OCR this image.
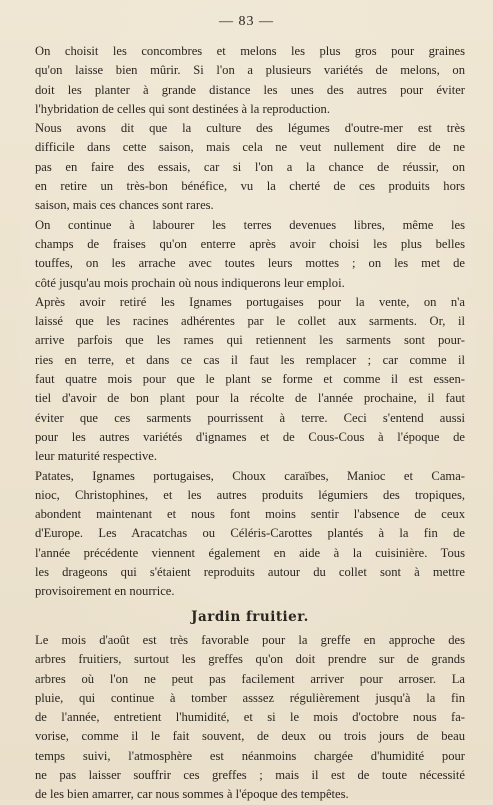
— 83 —
On choisit les concombres et melons les plus gros pour graines
qu'on laisse bien mûrir. Si l'on a plusieurs variétés de melons, on
doit les planter à grande distance les unes des autres pour éviter
l'hybridation de celles qui sont destinées à la reproduction.
Nous avons dit que la culture des légumes d'outre-mer est très
difficile dans cette saison, mais cela ne veut nullement dire de ne
pas en faire des essais, car si l'on a la chance de réussir, on
en retire un très-bon bénéfice, vu la cherté de ces produits hors
saison, mais ces chances sont rares.
On continue à labourer les terres devenues libres, même les
champs de fraises qu'on enterre après avoir choisi les plus belles
touffes, on les arrache avec toutes leurs mottes ; on les met de
côté jusqu'au mois prochain où nous indiquerons leur emploi.
Après avoir retiré les Ignames portugaises pour la vente, on n'a
laissé que les racines adhérentes par le collet aux sarments. Or, il
arrive parfois que les rames qui retiennent les sarments sont pour-
ries en terre, et dans ce cas il faut les remplacer ; car comme il
faut quatre mois pour que le plant se forme et comme il est essen-
tiel d'avoir de bon plant pour la récolte de l'année prochaine, il faut
éviter que ces sarments pourrissent à terre. Ceci s'entend aussi
pour les autres variétés d'ignames et de Cous-Cous à l'époque de
leur maturité respective.
Patates, Ignames portugaises, Choux caraïbes, Manioc et Cama-
nioc, Christophines, et les autres produits légumiers des tropiques,
abondent maintenant et nous font moins sentir l'absence de ceux
d'Europe. Les Aracatchas ou Céléris-Carottes plantés à la fin de
l'année précédente viennent également en aide à la cuisinière. Tous
les drageons qui s'étaient reproduits autour du collet sont à mettre
provisoirement en nourrice.
Jardin fruitier.
Le mois d'août est très favorable pour la greffe en approche des
arbres fruitiers, surtout les greffes qu'on doit prendre sur de grands
arbres où l'on ne peut pas facilement arriver pour arroser. La
pluie, qui continue à tomber asssez régulièrement jusqu'à la fin
de l'année, entretient l'humidité, et si le mois d'octobre nous fa-
vorise, comme il le fait souvent, de deux ou trois jours de beau
temps suivi, l'atmosphère est néanmoins chargée d'humidité pour
ne pas laisser souffrir ces greffes ; mais il est de toute nécessité
de les bien amarrer, car nous sommes à l'époque des tempêtes.
